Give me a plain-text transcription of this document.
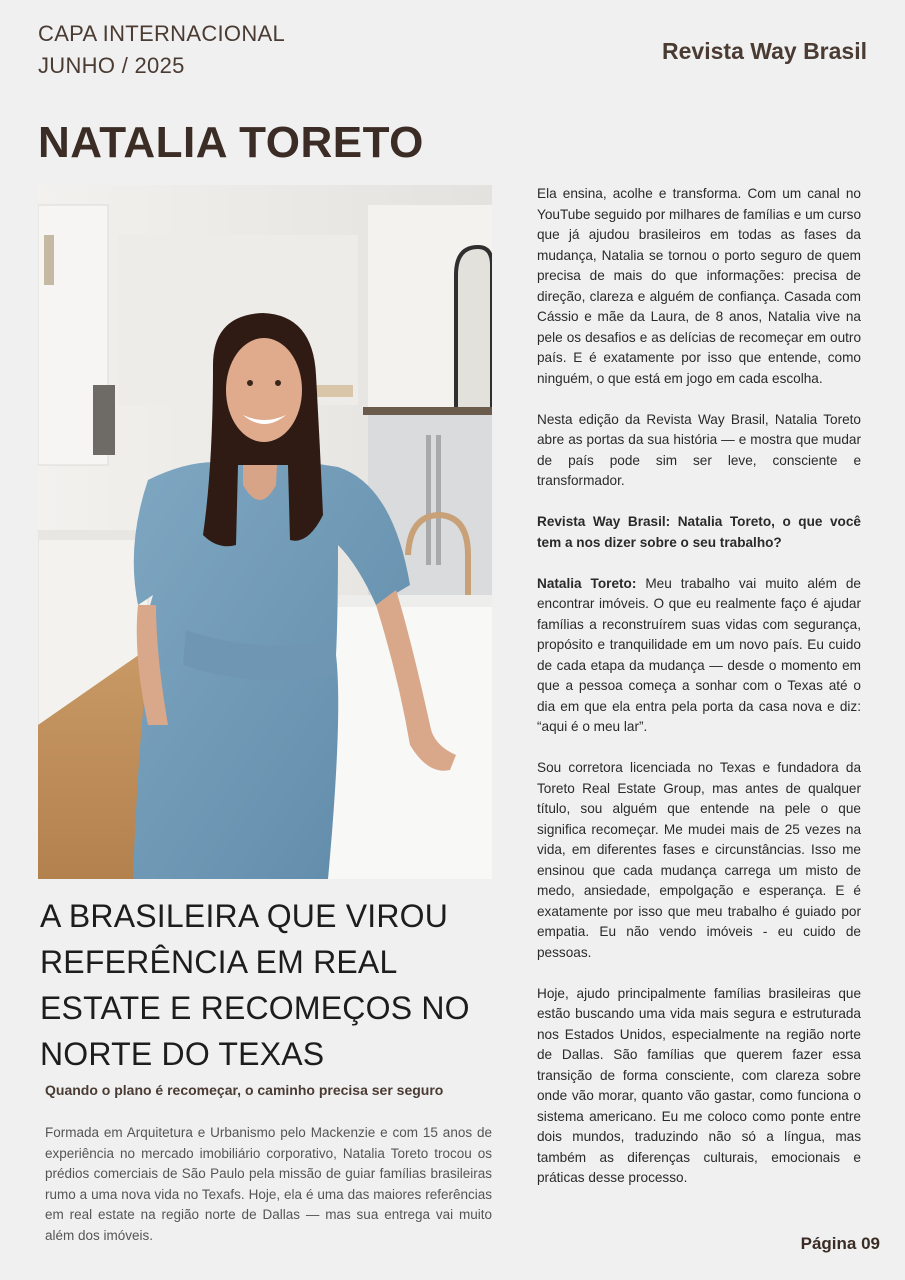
CAPA INTERNACIONAL
JUNHO / 2025
Revista Way Brasil
NATALIA TORETO
A BRASILEIRA QUE VIROU REFERÊNCIA EM REAL ESTATE E RECOMEÇOS NO NORTE DO TEXAS
Quando o plano é recomeçar, o caminho precisa ser seguro

Formada em Arquitetura e Urbanismo pelo Mackenzie e com 15 anos de experiência no mercado imobiliário corporativo, Natalia Toreto trocou os prédios comerciais de São Paulo pela missão de guiar famílias brasileiras rumo a uma nova vida no Texafs. Hoje, ela é uma das maiores referências em real estate na região norte de Dallas — mas sua entrega vai muito além dos imóveis.

Ela ensina, acolhe e transforma. Com um canal no YouTube seguido por milhares de famílias e um curso que já ajudou brasileiros em todas as fases da mudança, Natalia se tornou o porto seguro de quem precisa de mais do que informações: precisa de direção, clareza e alguém de confiança. Casada com Cássio e mãe da Laura, de 8 anos, Natalia vive na pele os desafios e as delícias de recomeçar em outro país. E é exatamente por isso que entende, como ninguém, o que está em jogo em cada escolha.

Nesta edição da Revista Way Brasil, Natalia Toreto abre as portas da sua história — e mostra que mudar de país pode sim ser leve, consciente e transformador.

Revista Way Brasil: Natalia Toreto, o que você tem a nos dizer sobre o seu trabalho?

Natalia Toreto: Meu trabalho vai muito além de encontrar imóveis. O que eu realmente faço é ajudar famílias a reconstruírem suas vidas com segurança, propósito e tranquilidade em um novo país. Eu cuido de cada etapa da mudança — desde o momento em que a pessoa começa a sonhar com o Texas até o dia em que ela entra pela porta da casa nova e diz: “aqui é o meu lar”.

Sou corretora licenciada no Texas e fundadora da Toreto Real Estate Group, mas antes de qualquer título, sou alguém que entende na pele o que significa recomeçar. Me mudei mais de 25 vezes na vida, em diferentes fases e circunstâncias. Isso me ensinou que cada mudança carrega um misto de medo, ansiedade, empolgação e esperança. E é exatamente por isso que meu trabalho é guiado por empatia. Eu não vendo imóveis - eu cuido de pessoas.

Hoje, ajudo principalmente famílias brasileiras que estão buscando uma vida mais segura e estruturada nos Estados Unidos, especialmente na região norte de Dallas. São famílias que querem fazer essa transição de forma consciente, com clareza sobre onde vão morar, quanto vão gastar, como funciona o sistema americano. Eu me coloco como ponte entre dois mundos, traduzindo não só a língua, mas também as diferenças culturais, emocionais e práticas desse processo.

Página 09
